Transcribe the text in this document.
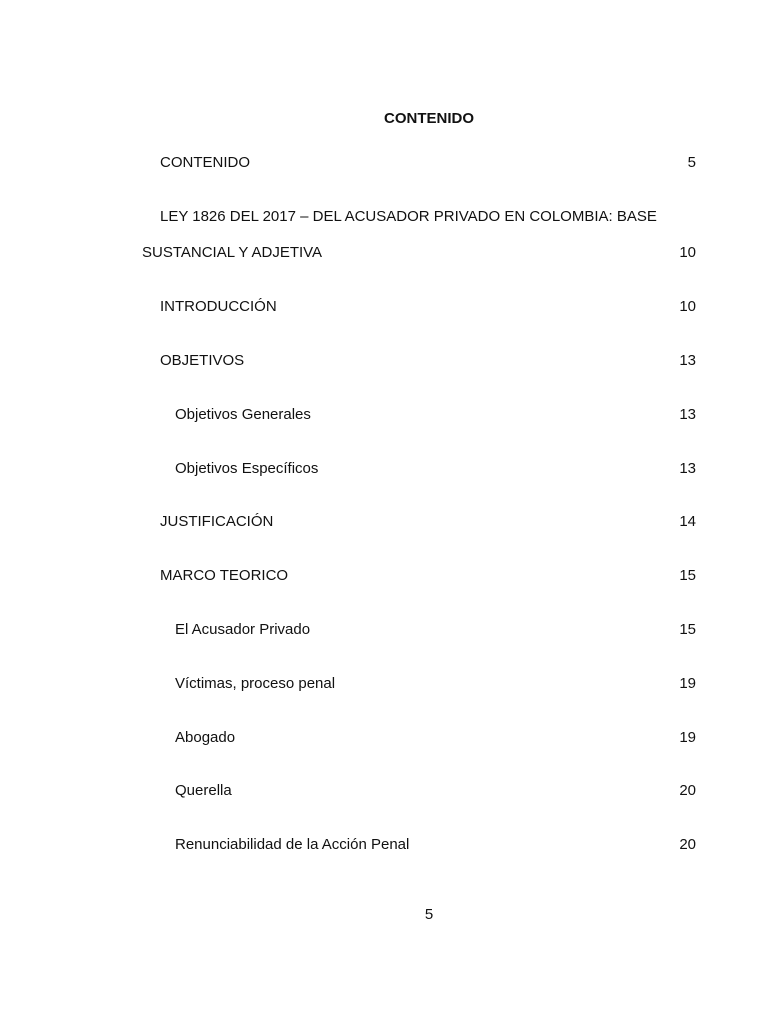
CONTENIDO
CONTENIDO	5
LEY 1826 DEL 2017 – DEL ACUSADOR PRIVADO EN COLOMBIA: BASE
SUSTANCIAL Y ADJETIVA	10
INTRODUCCIÓN	10
OBJETIVOS	13
Objetivos Generales	13
Objetivos Específicos	13
JUSTIFICACIÓN	14
MARCO TEORICO	15
El Acusador Privado	15
Víctimas, proceso penal	19
Abogado	19
Querella	20
Renunciabilidad de la Acción Penal	20
5
